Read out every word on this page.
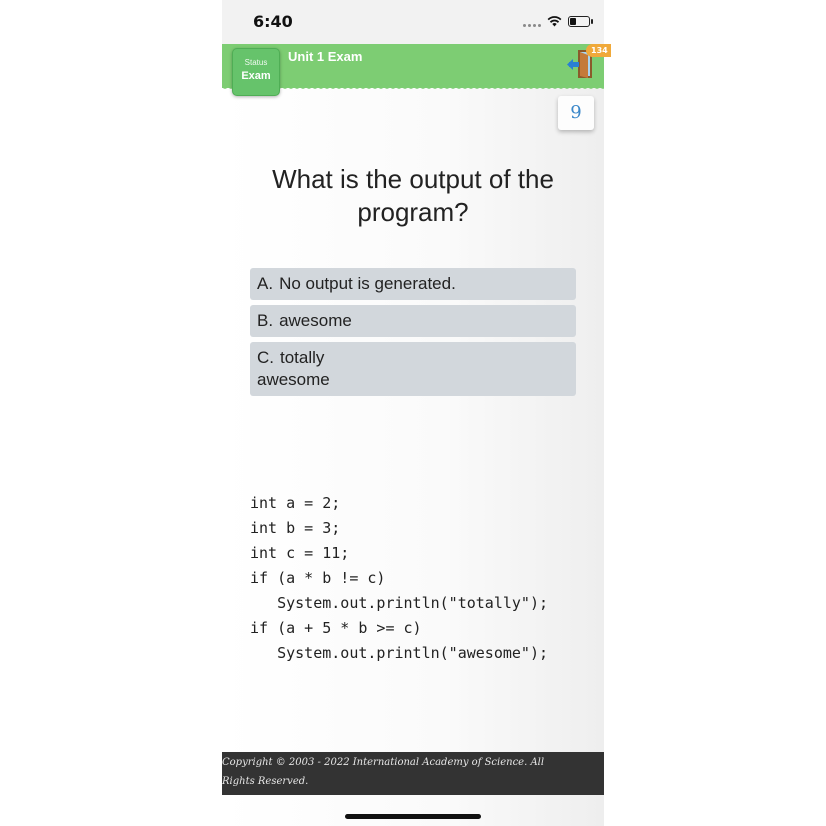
6:40
Status
Exam
Unit 1 Exam	134
9
What is the output of the program?
A. No output is generated.
B. awesome
C. totally awesome
int a = 2;
int b = 3;
int c = 11;
if (a * b != c)
System.out.println("totally");
if (a + 5 * b >= c)
System.out.println("awesome");
Copyright © 2003 - 2022 International Academy of Science. All Rights Reserved.
